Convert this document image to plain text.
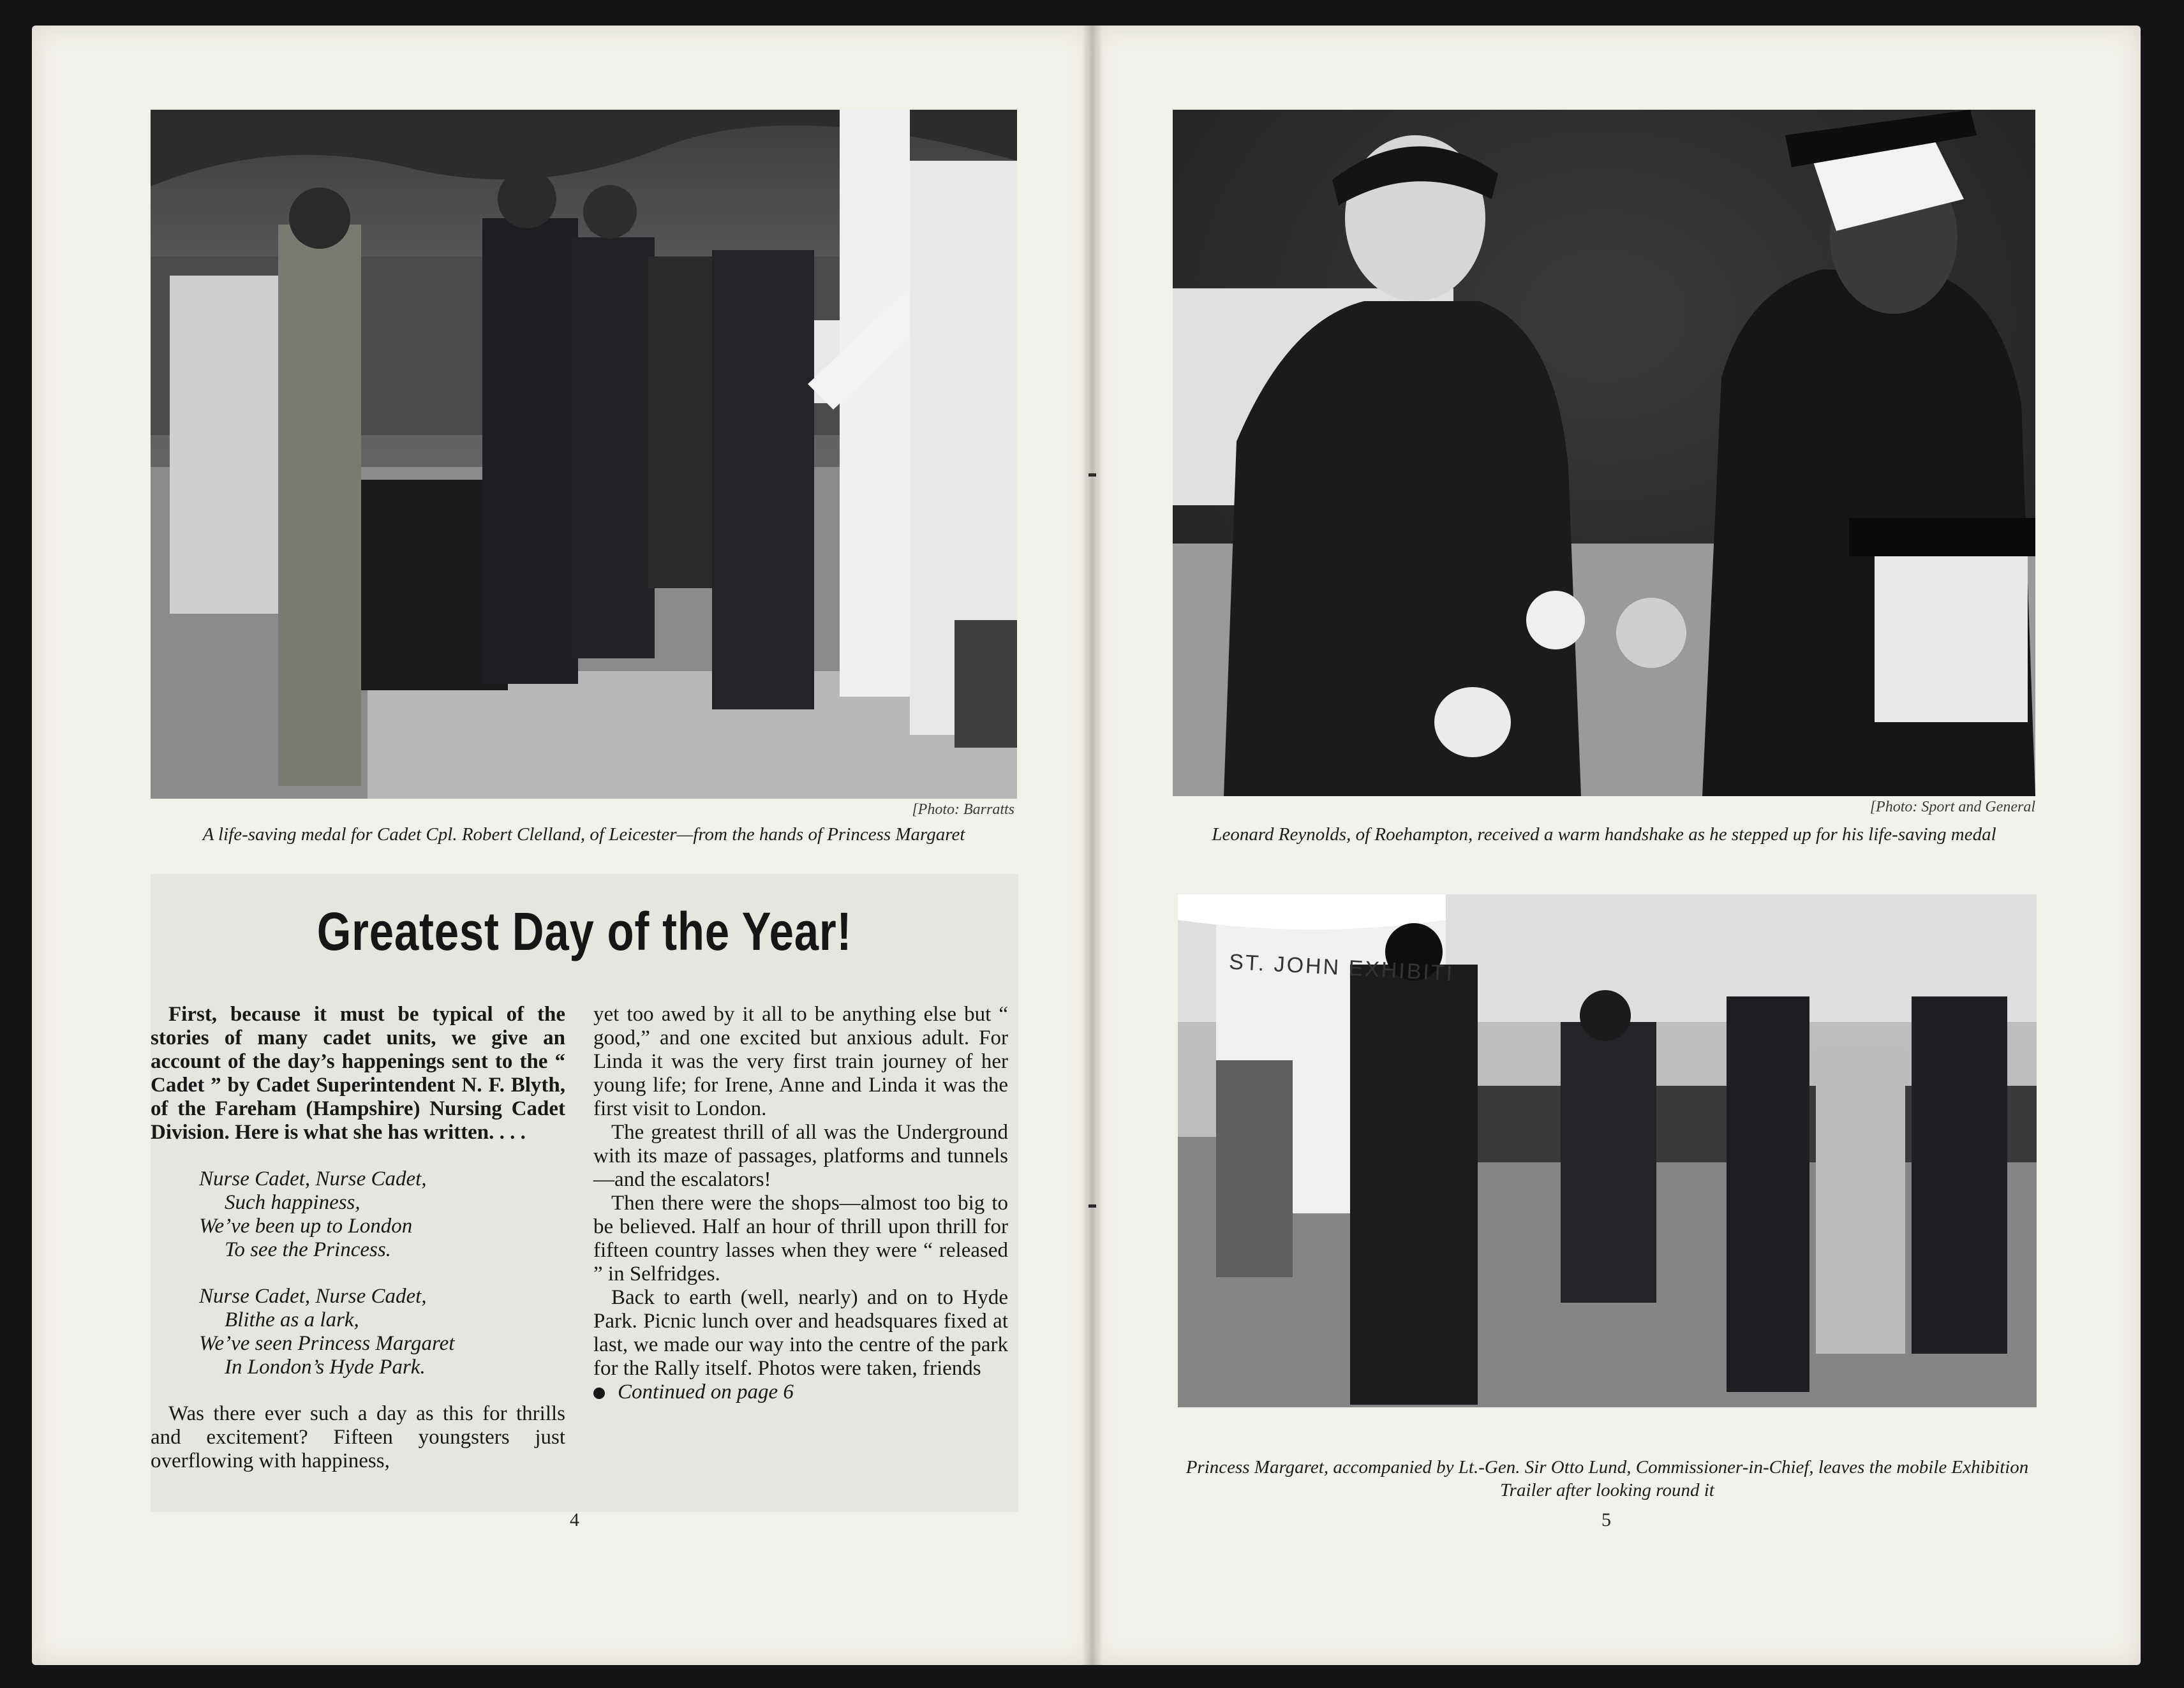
[Photo: Barratts
A life-saving medal for Cadet Cpl. Robert Clelland, of Leicester—from the hands of Princess Margaret
Greatest Day of the Year!

First, because it must be typical of the stories of many cadet units, we give an account of the day’s happenings sent to the “ Cadet ” by Cadet Superintendent N. F. Blyth, of the Fareham (Hampshire) Nursing Cadet Division. Here is what she has written. . . .

Nurse Cadet, Nurse Cadet,
Such happiness,
We’ve been up to London
To see the Princess.
Nurse Cadet, Nurse Cadet,
Blithe as a lark,
We’ve seen Princess Margaret
In London’s Hyde Park.

Was there ever such a day as this for thrills and excitement? Fifteen youngsters just overflowing with happiness,

yet too awed by it all to be anything else but “ good,” and one excited but anxious adult. For Linda it was the very first train journey of her young life; for Irene, Anne and Linda it was the first visit to London.

The greatest thrill of all was the Underground with its maze of passages, platforms and tunnels—and the escalators!

Then there were the shops—almost too big to be believed. Half an hour of thrill upon thrill for fifteen country lasses when they were “ released ” in Selfridges.

Back to earth (well, nearly) and on to Hyde Park. Picnic lunch over and headsquares fixed at last, we made our way into the centre of the park for the Rally itself. Photos were taken, friends

Continued on page 6

4
[Photo: Sport and General
Leonard Reynolds, of Roehampton, received a warm handshake as he stepped up for his life-saving medal
ST. JOHN EXHIBITI
Princess Margaret, accompanied by Lt.-Gen. Sir Otto Lund, Commissioner-in-Chief, leaves the mobile Exhibition Trailer after looking round it
5
